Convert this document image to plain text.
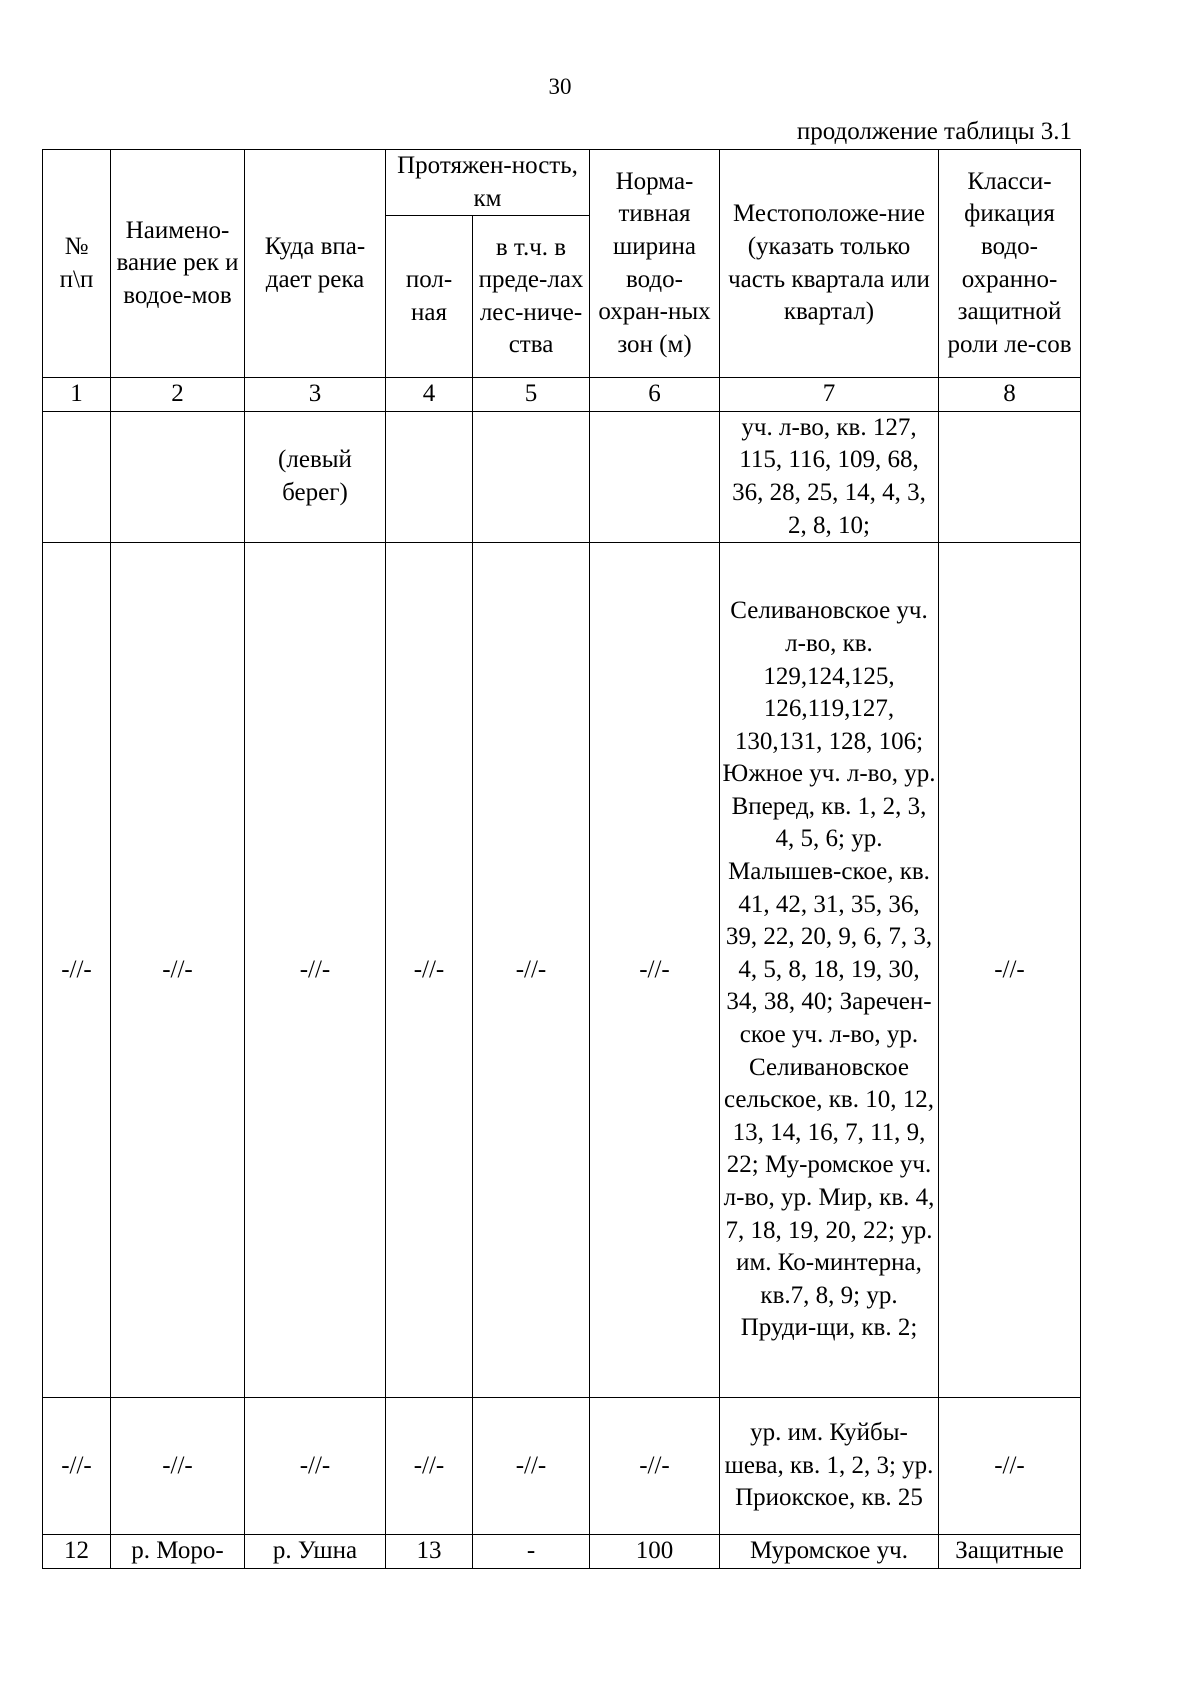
30
продолжение таблицы 3.1
№ п\п	Наимено-вание рек и водое-мов	Куда впа-дает река	Протяжен-ность, км		Норма-тивная ширина водо-охран-ных зон (м)	Местоположе-ние (указать только часть квартала или квартал)	Класси-фикация водо-охранно-защитной роли ле-сов
			пол-ная	в т.ч. в преде-лах лес-ниче-ства			
1	2	3	4	5	6	7	8
		(левый берег)				уч. л-во, кв. 127, 115, 116, 109, 68, 36, 28, 25, 14, 4, 3, 2, 8, 10;	
-//-	-//-	-//-	-//-	-//-	-//-	Селивановское уч. л-во, кв. 129,124,125, 126,119,127, 130,131, 128, 106; Южное уч. л-во, ур. Вперед, кв. 1, 2, 3, 4, 5, 6; ур. Малышев-ское, кв. 41, 42, 31, 35, 36, 39, 22, 20, 9, 6, 7, 3, 4, 5, 8, 18, 19, 30, 34, 38, 40; Заречен-ское уч. л-во, ур. Селивановское сельское, кв. 10, 12, 13, 14, 16, 7, 11, 9, 22; Му-ромское уч. л-во, ур. Мир, кв. 4, 7, 18, 19, 20, 22; ур. им. Ко-минтерна, кв.7, 8, 9; ур. Пруди-щи, кв. 2;	-//-
-//-	-//-	-//-	-//-	-//-	-//-	ур. им. Куйбы-шева, кв. 1, 2, 3; ур. Приокское, кв. 25	-//-
12	р. Моро-	р. Ушна	13	-	100	Муромское уч.	Защитные
